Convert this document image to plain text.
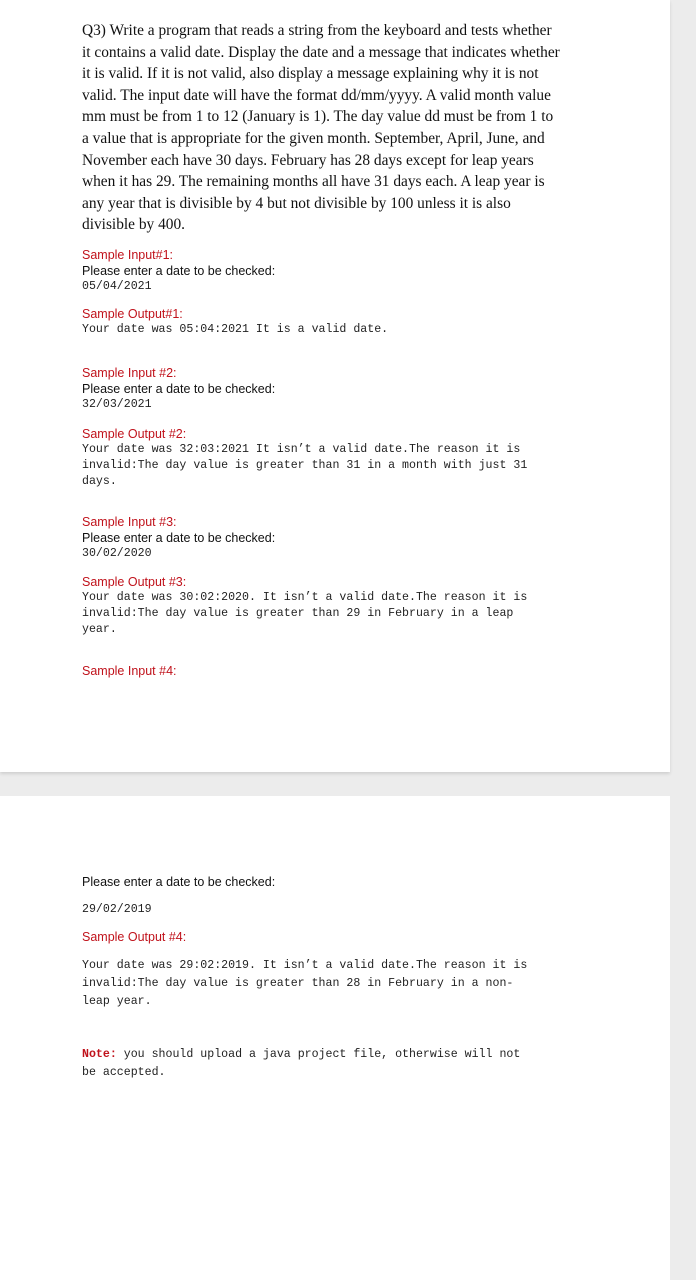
Q3) Write a program that reads a string from the keyboard and tests whether
it contains a valid date. Display the date and a message that indicates whether
it is valid. If it is not valid, also display a message explaining why it is not
valid. The input date will have the format dd/mm/yyyy. A valid month value
mm must be from 1 to 12 (January is 1). The day value dd must be from 1 to
a value that is appropriate for the given month. September, April, June, and
November each have 30 days. February has 28 days except for leap years
when it has 29. The remaining months all have 31 days each. A leap year is
any year that is divisible by 4 but not divisible by 100 unless it is also
divisible by 400.
Sample Input#1:
Please enter a date to be checked:
05/04/2021
Sample Output#1:
Your date was 05:04:2021 It is a valid date.
Sample Input #2:
Please enter a date to be checked:
32/03/2021
Sample Output #2:
Your date was 32:03:2021 It isn’t a valid date.The reason it is
invalid:The day value is greater than 31 in a month with just 31
days.
Sample Input #3:
Please enter a date to be checked:
30/02/2020
Sample Output #3:
Your date was 30:02:2020. It isn’t a valid date.The reason it is
invalid:The day value is greater than 29 in February in a leap
year.
Sample Input #4:
Please enter a date to be checked:
29/02/2019
Sample Output #4:
Your date was 29:02:2019. It isn’t a valid date.The reason it is
invalid:The day value is greater than 28 in February in a non-
leap year.
Note: you should upload a java project file, otherwise will not
be accepted.
